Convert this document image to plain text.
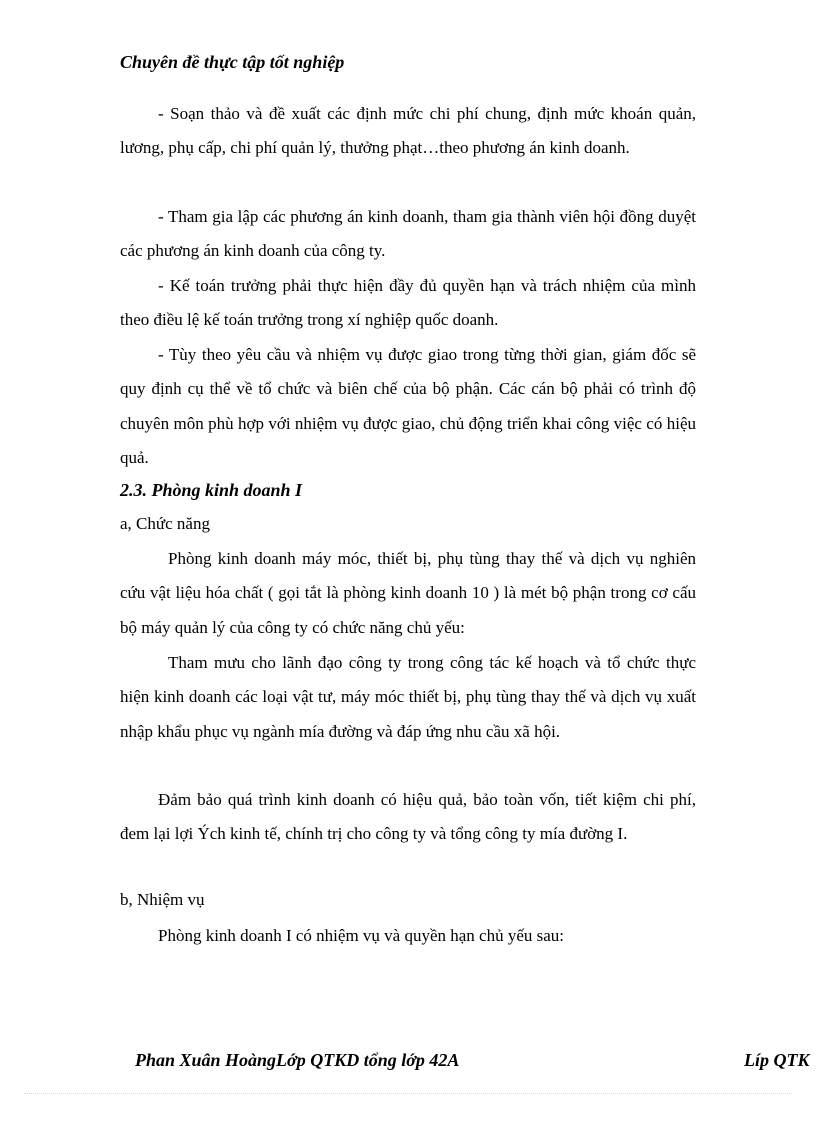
Chuyên đề thực tập tốt nghiệp

- Soạn thảo và đề xuất các định mức chi phí chung, định mức khoán quản, lương, phụ cấp, chi phí quản lý, thưởng phạt…theo phương án kinh doanh.

- Tham gia lập các phương án kinh doanh, tham gia thành viên hội đồng duyệt các phương án kinh doanh của công ty.

- Kế toán trưởng phải thực hiện đầy đủ quyền hạn và trách nhiệm của mình theo điều lệ kế toán trưởng trong xí nghiệp quốc doanh.

- Tùy theo yêu cầu và nhiệm vụ được giao trong từng thời gian, giám đốc sẽ quy định cụ thể về tổ chức và biên chế của bộ phận. Các cán bộ phải có trình độ chuyên môn phù hợp với nhiệm vụ được giao, chủ động triển khai công việc có hiệu quả.

2.3. Phòng kinh doanh I
a, Chức năng

Phòng kinh doanh máy móc, thiết bị, phụ tùng thay thế và dịch vụ nghiên cứu vật liệu hóa chất ( gọi tắt là phòng kinh doanh 10 ) là mét bộ phận trong cơ cấu bộ máy quản lý của công ty có chức năng chủ yếu:

Tham mưu cho lãnh đạo công ty trong công tác kế hoạch và tổ chức thực hiện kinh doanh các loại vật tư, máy móc thiết bị, phụ tùng thay thế và dịch vụ xuất nhập khẩu phục vụ ngành mía đường và đáp ứng nhu cầu xã hội.

Đảm bảo quá trình kinh doanh có hiệu quả, bảo toàn vốn, tiết kiệm chi phí, đem lại lợi Ých kinh tế, chính trị cho công ty và tổng công ty mía đường I.

b, Nhiệm vụ

Phòng kinh doanh I có nhiệm vụ và quyền hạn chủ yếu sau:

Phan Xuân HoàngLớp QTKD tổng lớp 42A	Líp QTK
